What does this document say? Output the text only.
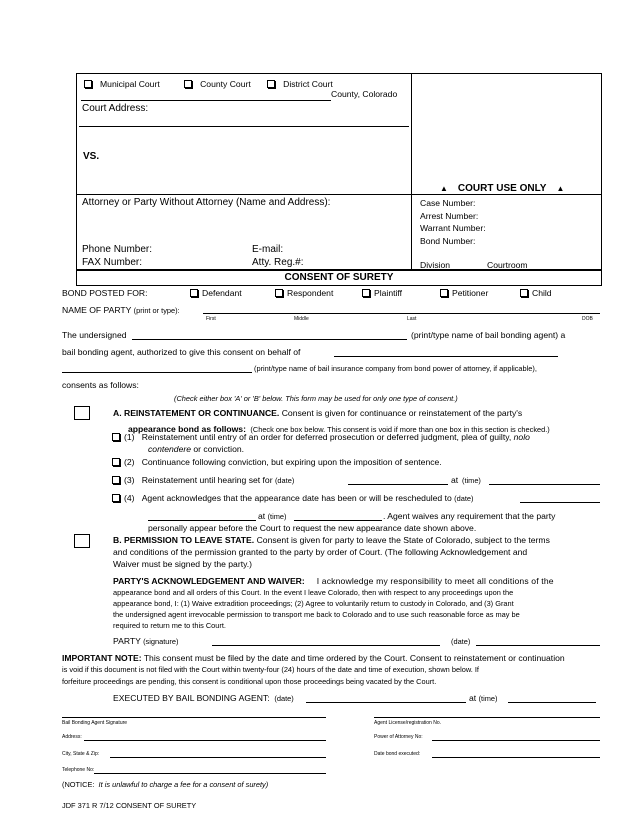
Municipal Court	County Court	District Court
County, Colorado
Court Address:
VS.
▲ COURT USE ONLY ▲
Attorney or Party Without Attorney (Name and Address):
Phone Number:	E-mail:
FAX Number:	Atty. Reg.#:
Case Number:
Arrest Number:
Warrant Number:
Bond Number:
Division	Courtroom
CONSENT OF SURETY
BOND POSTED FOR:	Defendant	Respondent	Plaintiff	Petitioner	Child
NAME OF PARTY (print or type):
First	Middle	Last	DOB
The undersigned	(print/type name of bail bonding agent) a
bail bonding agent, authorized to give this consent on behalf of
(print/type name of bail insurance company from bond power of attorney, if applicable),
consents as follows:
(Check either box 'A' or 'B' below. This form may be used for only one type of consent.)
A. REINSTATEMENT OR CONTINUANCE. Consent is given for continuance or reinstatement of the party's
appearance bond as follows: (Check one box below. This consent is void if more than one box in this section is checked.)
(1) Reinstatement until entry of an order for deferred prosecution or deferred judgment, plea of guilty, nolo
contendere or conviction.
(2) Continuance following conviction, but expiring upon the imposition of sentence.
(3) Reinstatement until hearing set for (date)	at (time)
(4) Agent acknowledges that the appearance date has been or will be rescheduled to (date)
at (time)	. Agent waives any requirement that the party
personally appear before the Court to request the new appearance date shown above.
B. PERMISSION TO LEAVE STATE. Consent is given for party to leave the State of Colorado, subject to the terms
and conditions of the permission granted to the party by order of Court. (The following Acknowledgement and
Waiver must be signed by the party.)
PARTY'S ACKNOWLEDGEMENT AND WAIVER: I acknowledge my responsibility to meet all conditions of the
appearance bond and all orders of this Court. In the event I leave Colorado, then with respect to any proceedings upon the
appearance bond, I: (1) Waive extradition proceedings; (2) Agree to voluntarily return to custody in Colorado, and (3) Grant
the undersigned agent irrevocable permission to transport me back to Colorado and to use such reasonable force as may be
required to return me to this Court.
PARTY (signature)	(date)
IMPORTANT NOTE: This consent must be filed by the date and time ordered by the Court. Consent to reinstatement or continuation
is void if this document is not filed with the Court within twenty-four (24) hours of the date and time of execution, shown below. If
forfeiture proceedings are pending, this consent is conditional upon those proceedings being vacated by the Court.
EXECUTED BY BAIL BONDING AGENT: (date)	at (time)
Bail Bonding Agent Signature	Agent License/registration No.
Address:	Power of Attorney No:
City, State & Zip:	Date bond executed:
Telephone No:
(NOTICE: It is unlawful to charge a fee for a consent of surety)
JDF 371 R 7/12 CONSENT OF SURETY
